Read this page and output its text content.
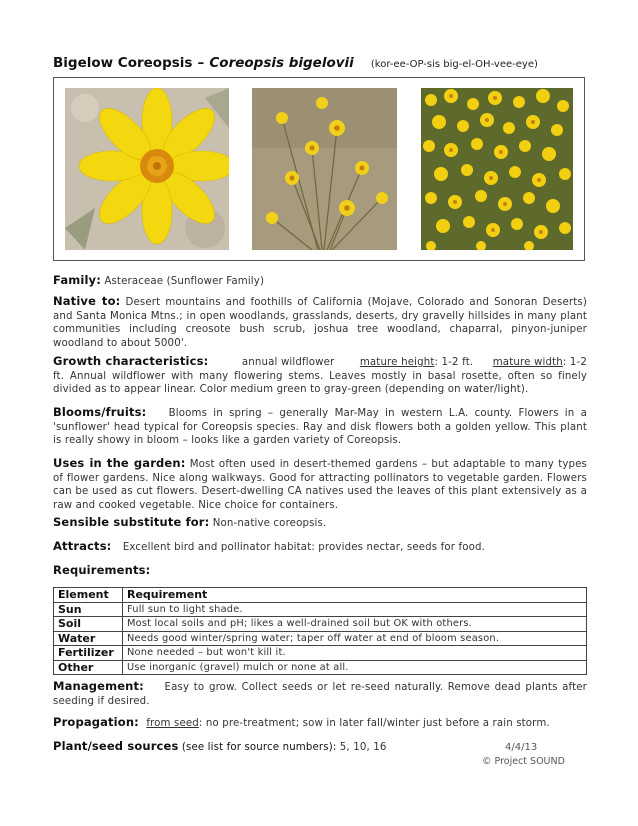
Bigelow Coreopsis – Coreopsis bigelovii (kor-ee-OP-sis big-el-OH-vee-eye)
Family: Asteraceae (Sunflower Family)
Native to: Desert mountains and foothills of California (Mojave, Colorado and Sonoran Deserts) and Santa Monica Mtns.; in open woodlands, grasslands, deserts, dry gravelly hillsides in many plant communities including creosote bush scrub, joshua tree woodland, chaparral, pinyon-juniper woodland to about 5000'.
Growth characteristics:	annual wildflower	mature height: 1-2 ft. mature width: 1-2 ft. Annual wildflower with many flowering stems. Leaves mostly in basal rosette, often so finely divided as to appear linear. Color medium green to gray-green (depending on water/light).
Blooms/fruits: Blooms in spring – generally Mar-May in western L.A. county. Flowers in a 'sunflower' head typical for Coreopsis species. Ray and disk flowers both a golden yellow. This plant is really showy in bloom – looks like a garden variety of Coreopsis.
Uses in the garden: Most often used in desert-themed gardens – but adaptable to many types of flower gardens. Nice along walkways. Good for attracting pollinators to vegetable garden. Flowers can be used as cut flowers. Desert-dwelling CA natives used the leaves of this plant extensively as a raw and cooked vegetable. Nice choice for containers.
Sensible substitute for: Non-native coreopsis.
Attracts: Excellent bird and pollinator habitat: provides nectar, seeds for food.
Requirements:
Element	Requirement
Sun	Full sun to light shade.
Soil	Most local soils and pH; likes a well-drained soil but OK with others.
Water	Needs good winter/spring water; taper off water at end of bloom season.
Fertilizer	None needed – but won't kill it.
Other	Use inorganic (gravel) mulch or none at all.
Management: Easy to grow. Collect seeds or let re-seed naturally. Remove dead plants after seeding if desired.
Propagation: from seed: no pre-treatment; sow in later fall/winter just before a rain storm.
Plant/seed sources (see list for source numbers): 5, 10, 16	4/4/13
© Project SOUND
